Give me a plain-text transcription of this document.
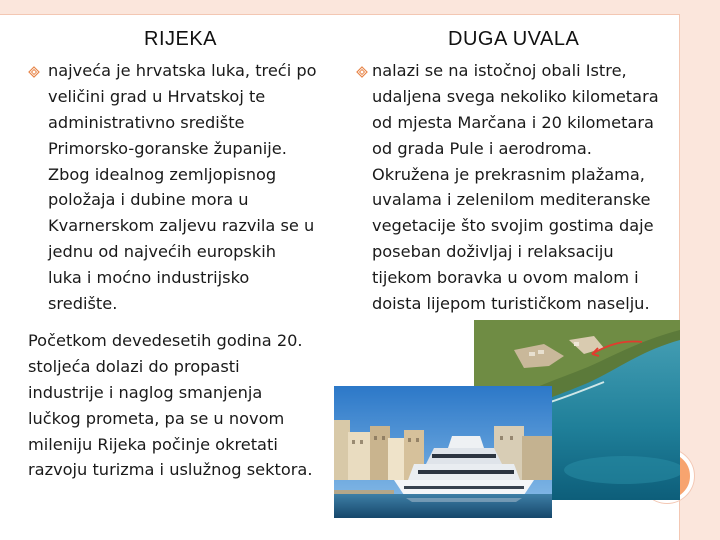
RIJEKA	DUGA UVALA
najveća je hrvatska luka, treći po
veličini grad u Hrvatskoj te
administrativno središte
Primorsko-goranske županije.
Zbog idealnog zemljopisnog
položaja i dubine mora u
Kvarnerskom zaljevu razvila se u
jednu od najvećih europskih
luka i moćno industrijsko
središte.
Početkom devedesetih godina 20.
stoljeća dolazi do propasti
industrije i naglog smanjenja
lučkog prometa, pa se u novom
mileniju Rijeka počinje okretati
razvoju turizma i uslužnog sektora.
nalazi se na istočnoj obali Istre,
udaljena svega nekoliko kilometara
od mjesta Marčana i 20 kilometara
od grada Pule i aerodroma.
Okružena je prekrasnim plažama,
uvalama i zelenilom mediteranske
vegetacije što svojim gostima daje
poseban doživljaj i relaksaciju
tijekom boravka u ovom malom i
doista lijepom turističkom naselju.
